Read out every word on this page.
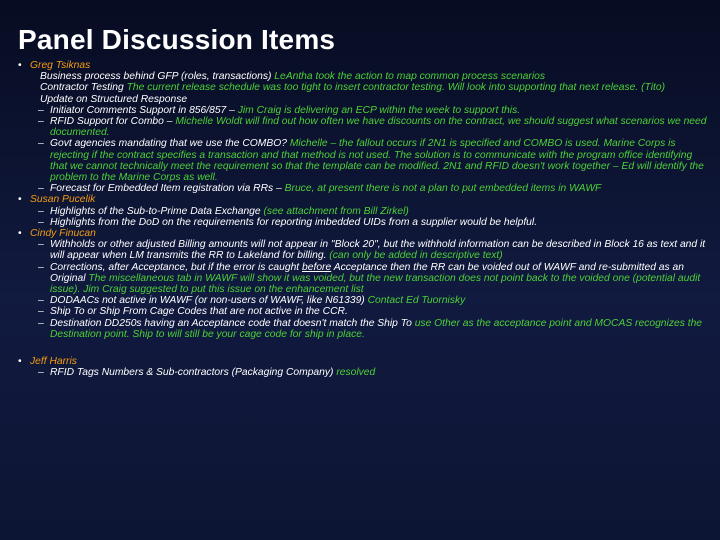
Panel Discussion Items
• Greg Tsiknas
Business process behind GFP (roles, transactions) LeAntha took the action to map common process scenarios
Contractor Testing The current release schedule was too tight to insert contractor testing. Will look into supporting that next release. (Tito)
Update on Structured Response
– Initiator Comments Support in 856/857 – Jim Craig is delivering an ECP within the week to support this.
– RFID Support for Combo – Michelle Woldt will find out how often we have discounts on the contract, we should suggest what scenarios we need documented.
– Govt agencies mandating that we use the COMBO? Michelle – the fallout occurs if 2N1 is specified and COMBO is used. Marine Corps is rejecting if the contract specifies a transaction and that method is not used. The solution is to communicate with the program office identifying that we cannot technically meet the requirement so that the template can be modified. 2N1 and RFID doesn't work together – Ed will identify the problem to the Marine Corps as well.
– Forecast for Embedded Item registration via RRs – Bruce, at present there is not a plan to put embedded items in WAWF
• Susan Pucelik
– Highlights of the Sub-to-Prime Data Exchange (see attachment from Bill Zirkel)
– Highlights from the DoD on the requirements for reporting imbedded UIDs from a supplier would be helpful.
• Cindy Finucan
– Withholds or other adjusted Billing amounts will not appear in "Block 20", but the withhold information can be described in Block 16 as text and it will appear when LM transmits the RR to Lakeland for billing. (can only be added in descriptive text)
– Corrections, after Acceptance, but if the error is caught before Acceptance then the RR can be voided out of WAWF and re-submitted as an Original The miscellaneous tab in WAWF will show it was voided, but the new transaction does not point back to the voided one (potential audit issue). Jim Craig suggested to put this issue on the enhancement list
– DODAACs not active in WAWF (or non-users of WAWF, like N61339) Contact Ed Tuornisky
– Ship To or Ship From Cage Codes that are not active in the CCR.
– Destination DD250s having an Acceptance code that doesn't match the Ship To use Other as the acceptance point and MOCAS recognizes the Destination point. Ship to will still be your cage code for ship in place.
• Jeff Harris
– RFID Tags Numbers & Sub-contractors (Packaging Company) resolved
